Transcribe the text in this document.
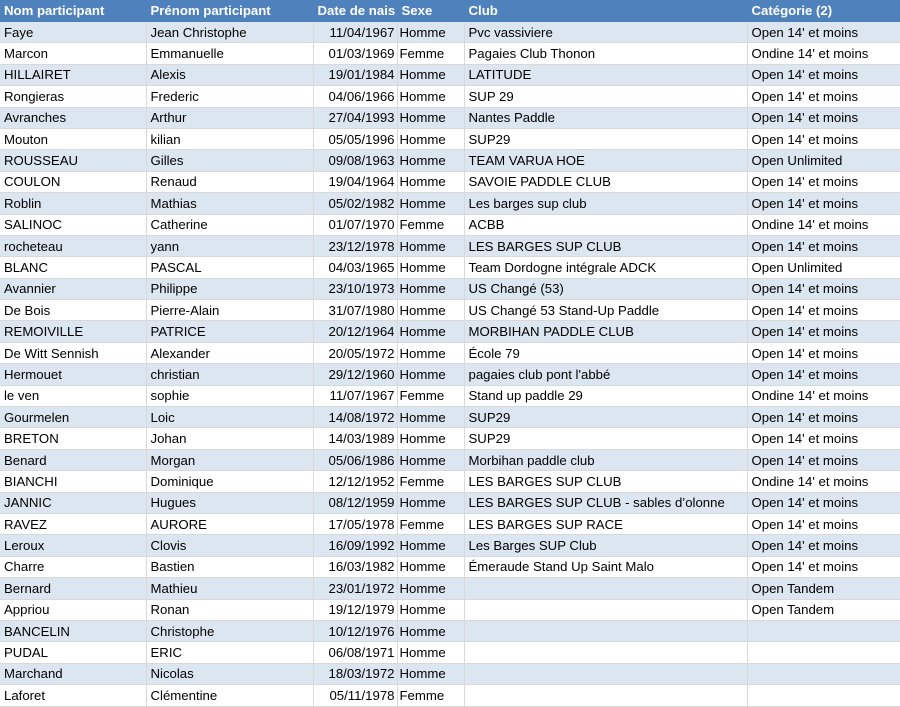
Nom participant	Prénom participant	Date de nais	Sexe	Club	Catégorie (2)
Faye	Jean Christophe	11/04/1967	Homme	Pvc vassiviere	Open 14' et moins
Marcon	Emmanuelle	01/03/1969	Femme	Pagaies Club Thonon	Ondine 14' et moins
HILLAIRET	Alexis	19/01/1984	Homme	LATITUDE	Open 14' et moins
Rongieras	Frederic	04/06/1966	Homme	SUP 29	Open 14' et moins
Avranches	Arthur	27/04/1993	Homme	Nantes Paddle	Open 14' et moins
Mouton	kilian	05/05/1996	Homme	SUP29	Open 14' et moins
ROUSSEAU	Gilles	09/08/1963	Homme	TEAM VARUA HOE	Open Unlimited
COULON	Renaud	19/04/1964	Homme	SAVOIE PADDLE CLUB	Open 14' et moins
Roblin	Mathias	05/02/1982	Homme	Les barges sup club	Open 14' et moins
SALINOC	Catherine	01/07/1970	Femme	ACBB	Ondine 14' et moins
rocheteau	yann	23/12/1978	Homme	LES BARGES SUP CLUB	Open 14' et moins
BLANC	PASCAL	04/03/1965	Homme	Team Dordogne intégrale ADCK	Open Unlimited
Avannier	Philippe	23/10/1973	Homme	US Changé (53)	Open 14' et moins
De Bois	Pierre-Alain	31/07/1980	Homme	US Changé 53 Stand-Up Paddle	Open 14' et moins
REMOIVILLE	PATRICE	20/12/1964	Homme	MORBIHAN PADDLE CLUB	Open 14' et moins
De Witt Sennish	Alexander	20/05/1972	Homme	École 79	Open 14' et moins
Hermouet	christian	29/12/1960	Homme	pagaies club pont l'abbé	Open 14' et moins
le ven	sophie	11/07/1967	Femme	Stand up paddle 29	Ondine 14' et moins
Gourmelen	Loic	14/08/1972	Homme	SUP29	Open 14' et moins
BRETON	Johan	14/03/1989	Homme	SUP29	Open 14' et moins
Benard	Morgan	05/06/1986	Homme	Morbihan paddle club	Open 14' et moins
BIANCHI	Dominique	12/12/1952	Femme	LES BARGES SUP CLUB	Ondine 14' et moins
JANNIC	Hugues	08/12/1959	Homme	LES BARGES SUP CLUB - sables d’olonne	Open 14' et moins
RAVEZ	AURORE	17/05/1978	Femme	LES BARGES SUP RACE	Open 14' et moins
Leroux	Clovis	16/09/1992	Homme	Les Barges SUP Club	Open 14' et moins
Charre	Bastien	16/03/1982	Homme	Émeraude Stand Up Saint Malo	Open 14' et moins
Bernard	Mathieu	23/01/1972	Homme		Open Tandem
Appriou	Ronan	19/12/1979	Homme		Open Tandem
BANCELIN	Christophe	10/12/1976	Homme		
PUDAL	ERIC	06/08/1971	Homme		
Marchand	Nicolas	18/03/1972	Homme		
Laforet	Clémentine	05/11/1978	Femme		
